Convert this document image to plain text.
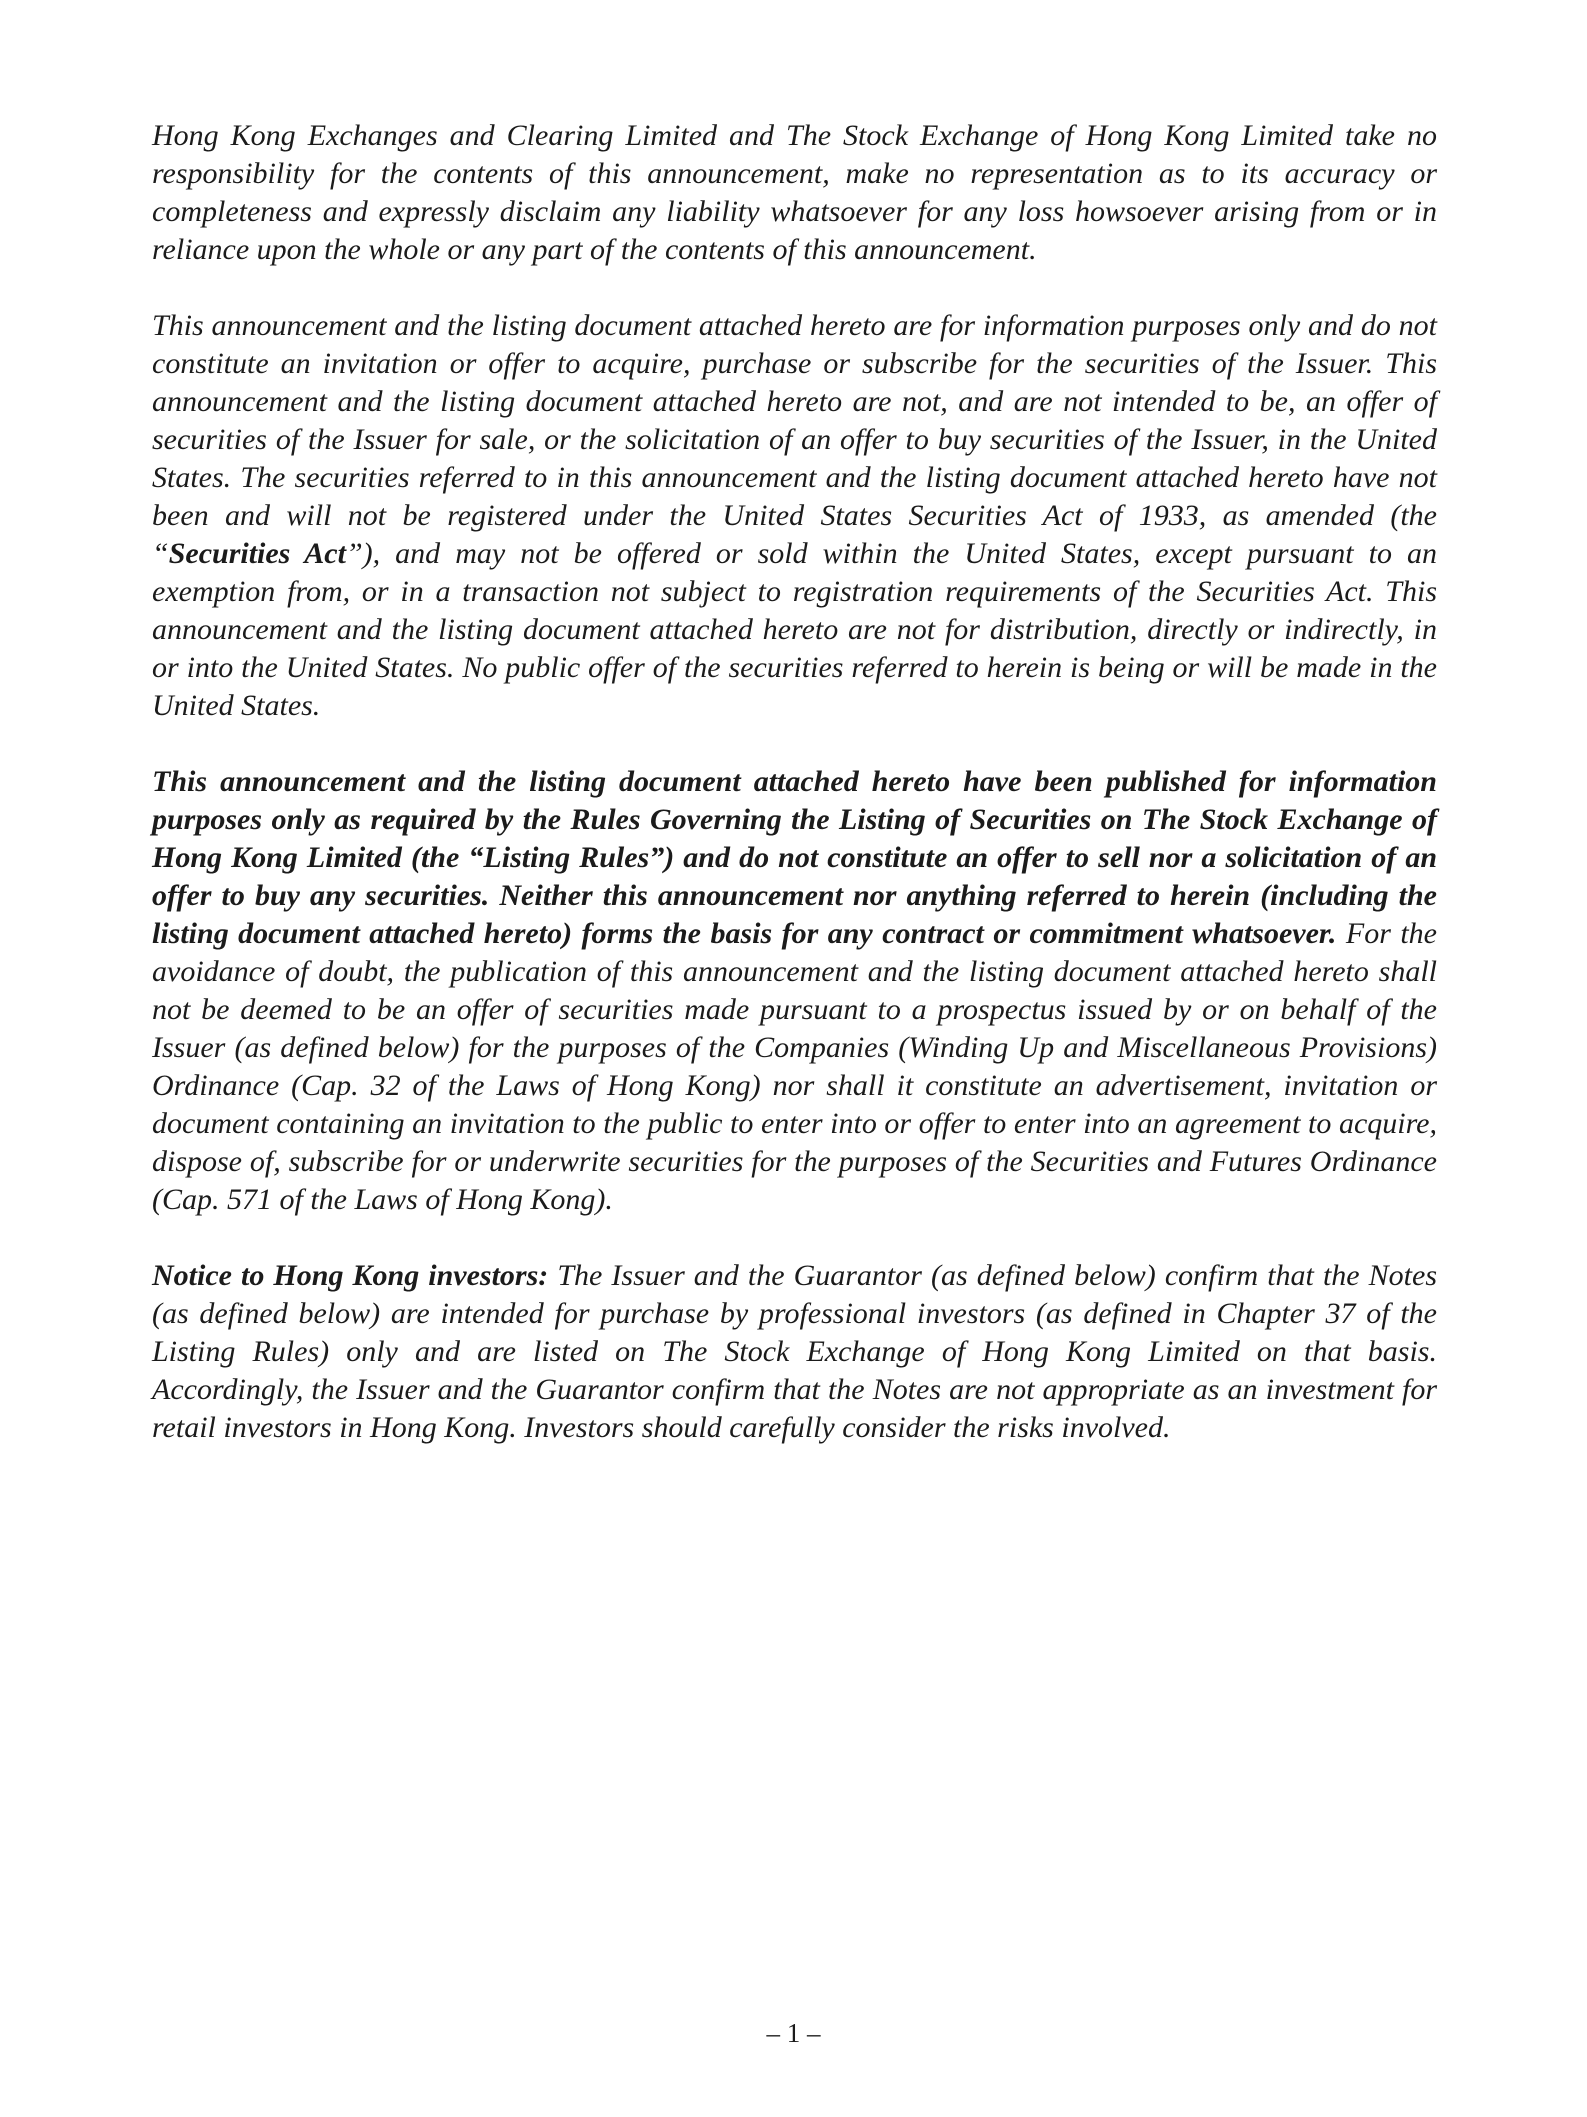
Hong Kong Exchanges and Clearing Limited and The Stock Exchange of Hong Kong Limited take no responsibility for the contents of this announcement, make no representation as to its accuracy or completeness and expressly disclaim any liability whatsoever for any loss howsoever arising from or in reliance upon the whole or any part of the contents of this announcement.

This announcement and the listing document attached hereto are for information purposes only and do not constitute an invitation or offer to acquire, purchase or subscribe for the securities of the Issuer. This announcement and the listing document attached hereto are not, and are not intended to be, an offer of securities of the Issuer for sale, or the solicitation of an offer to buy securities of the Issuer, in the United States. The securities referred to in this announcement and the listing document attached hereto have not been and will not be registered under the United States Securities Act of 1933, as amended (the “Securities Act”), and may not be offered or sold within the United States, except pursuant to an exemption from, or in a transaction not subject to registration requirements of the Securities Act. This announcement and the listing document attached hereto are not for distribution, directly or indirectly, in or into the United States. No public offer of the securities referred to herein is being or will be made in the United States.

This announcement and the listing document attached hereto have been published for information purposes only as required by the Rules Governing the Listing of Securities on The Stock Exchange of Hong Kong Limited (the “Listing Rules”) and do not constitute an offer to sell nor a solicitation of an offer to buy any securities. Neither this announcement nor anything referred to herein (including the listing document attached hereto) forms the basis for any contract or commitment whatsoever. For the avoidance of doubt, the publication of this announcement and the listing document attached hereto shall not be deemed to be an offer of securities made pursuant to a prospectus issued by or on behalf of the Issuer (as defined below) for the purposes of the Companies (Winding Up and Miscellaneous Provisions) Ordinance (Cap. 32 of the Laws of Hong Kong) nor shall it constitute an advertisement, invitation or document containing an invitation to the public to enter into or offer to enter into an agreement to acquire, dispose of, subscribe for or underwrite securities for the purposes of the Securities and Futures Ordinance (Cap. 571 of the Laws of Hong Kong).

Notice to Hong Kong investors: The Issuer and the Guarantor (as defined below) confirm that the Notes (as defined below) are intended for purchase by professional investors (as defined in Chapter 37 of the Listing Rules) only and are listed on The Stock Exchange of Hong Kong Limited on that basis. Accordingly, the Issuer and the Guarantor confirm that the Notes are not appropriate as an investment for retail investors in Hong Kong. Investors should carefully consider the risks involved.

– 1 –
